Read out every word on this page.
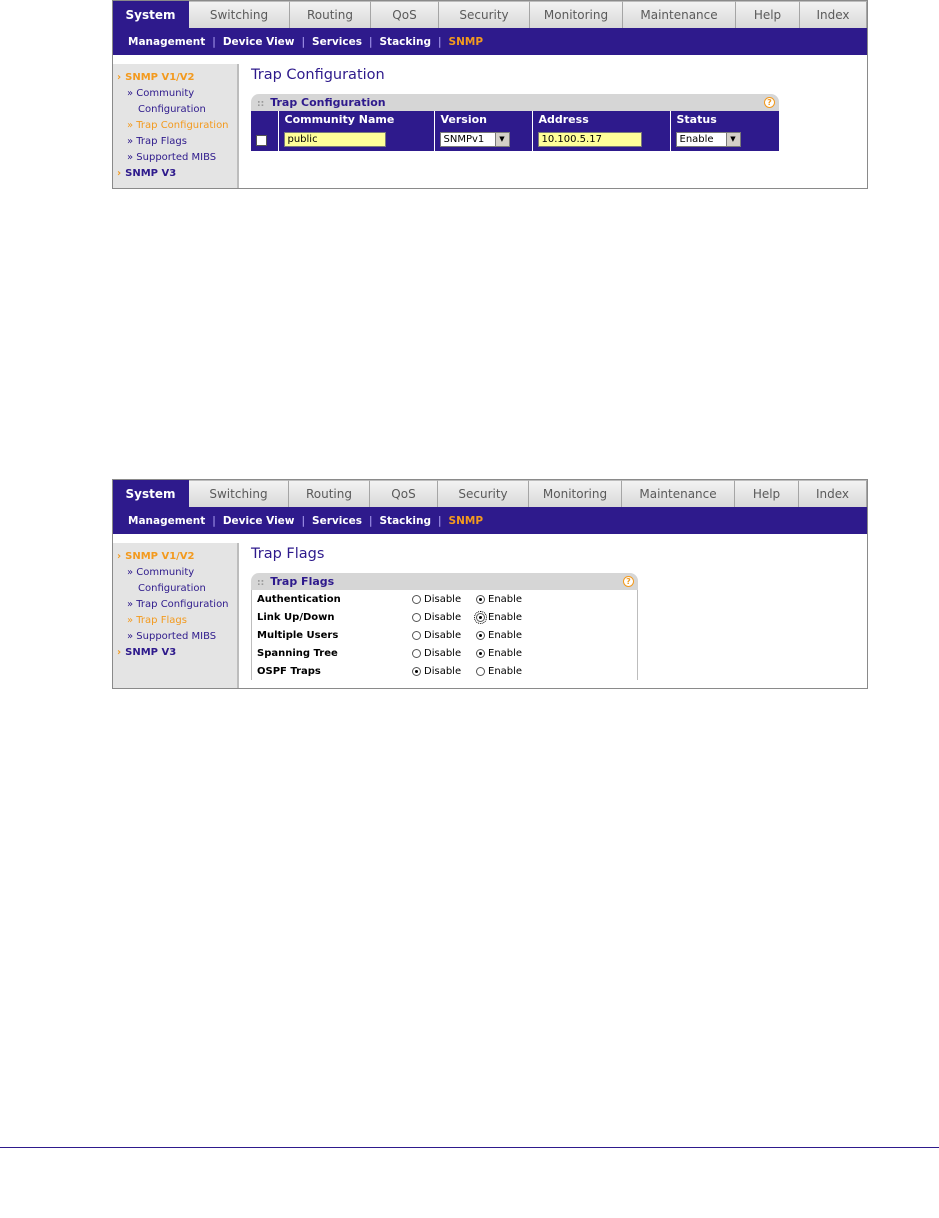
System	Switching	Routing	QoS	Security	Monitoring	Maintenance	Help	Index
Management | Device View | Services | Stacking | SNMP
› SNMP V1/V2
» Community
Configuration
» Trap Configuration
» Trap Flags
» Supported MIBS
› SNMP V3
Trap Configuration
:: Trap Configuration	?
	Community Name	Version	Address	Status
	public	SNMPv1 ▼	10.100.5.17	Enable ▼
System	Switching	Routing	QoS	Security	Monitoring	Maintenance	Help	Index
Management | Device View | Services | Stacking | SNMP
› SNMP V1/V2
» Community
Configuration
» Trap Configuration
» Trap Flags
» Supported MIBS
› SNMP V3
Trap Flags
:: Trap Flags	?
Authentication	Disable	Enable
Link Up/Down	Disable	Enable
Multiple Users	Disable	Enable
Spanning Tree	Disable	Enable
OSPF Traps	Disable	Enable
